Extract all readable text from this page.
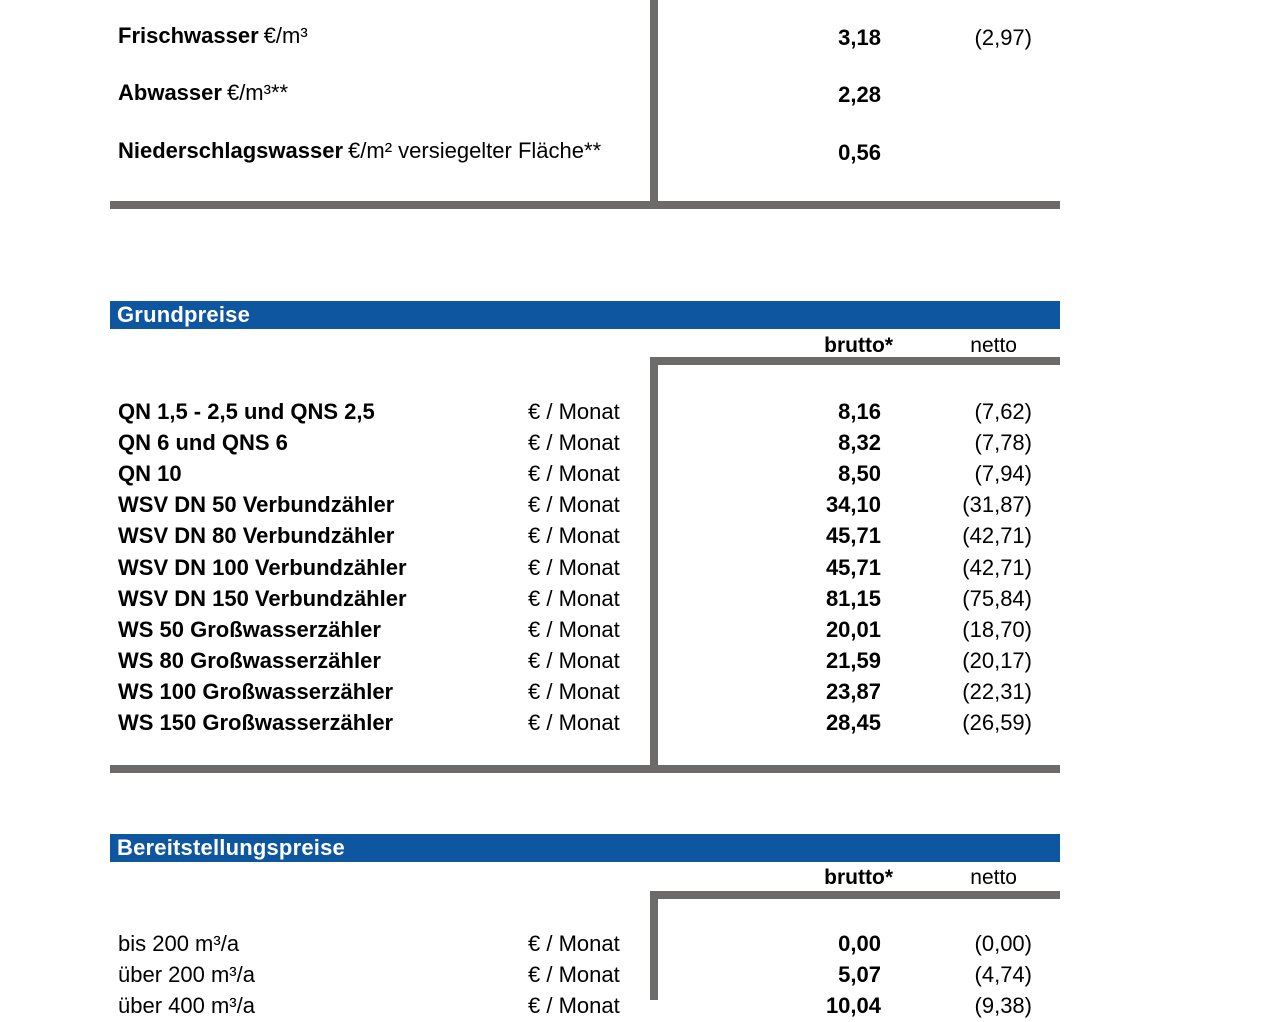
Frischwasser €/m³	3,18	(2,97)
Abwasser €/m³**	2,28
Niederschlagswasser €/m² versiegelter Fläche**	0,56
Grundpreise
brutto*	netto
QN 1,5 - 2,5 und QNS 2,5	€ / Monat	8,16	(7,62)
QN 6 und QNS 6	€ / Monat	8,32	(7,78)
QN 10	€ / Monat	8,50	(7,94)
WSV DN 50 Verbundzähler	€ / Monat	34,10	(31,87)
WSV DN 80 Verbundzähler	€ / Monat	45,71	(42,71)
WSV DN 100 Verbundzähler	€ / Monat	45,71	(42,71)
WSV DN 150 Verbundzähler	€ / Monat	81,15	(75,84)
WS 50 Großwasserzähler	€ / Monat	20,01	(18,70)
WS 80 Großwasserzähler	€ / Monat	21,59	(20,17)
WS 100 Großwasserzähler	€ / Monat	23,87	(22,31)
WS 150 Großwasserzähler	€ / Monat	28,45	(26,59)
Bereitstellungspreise
brutto*	netto
bis 200 m³/a	€ / Monat	0,00	(0,00)
über 200 m³/a	€ / Monat	5,07	(4,74)
über 400 m³/a	€ / Monat	10,04	(9,38)
